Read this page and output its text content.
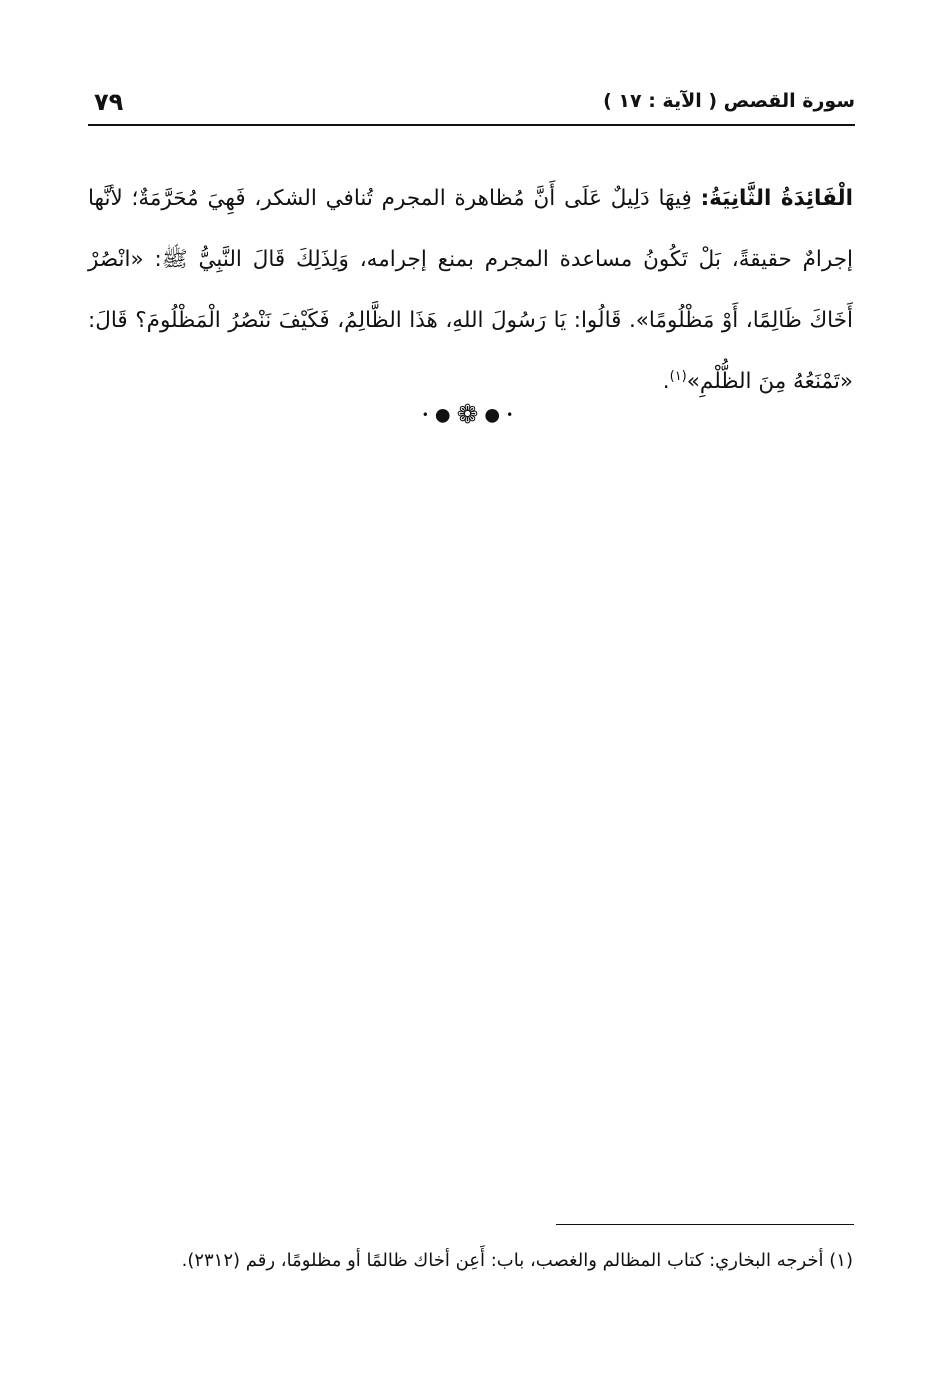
سورة القصص ( الآية : ١٧ )
٧٩
الْفَائِدَةُ الثَّانِيَةُ: فِيهَا دَلِيلٌ عَلَى أَنَّ مُظاهرة المجرم تُنافي الشكر، فَهِيَ مُحَرَّمَةٌ؛ لأنَّها
إجرامٌ حقيقةً، بَلْ تَكُونُ مساعدة المجرم بمنع إجرامه، وَلِذَلِكَ قَالَ النَّبِيُّ ﷺ: «انْصُرْ
أَخَاكَ ظَالِمًا، أَوْ مَظْلُومًا». قَالُوا: يَا رَسُولَ اللهِ، هَذَا الظَّالِمُ، فَكَيْفَ نَنْصُرُ الْمَظْلُومَ؟ قَالَ:
«تَمْنَعُهُ مِنَ الظُّلْمِ»$^{(١)}$.
•●❁●•
(١) أخرجه البخاري: كتاب المظالم والغصب، باب: أَعِن أخاك ظالمًا أو مظلومًا، رقم (٢٣١٢).
